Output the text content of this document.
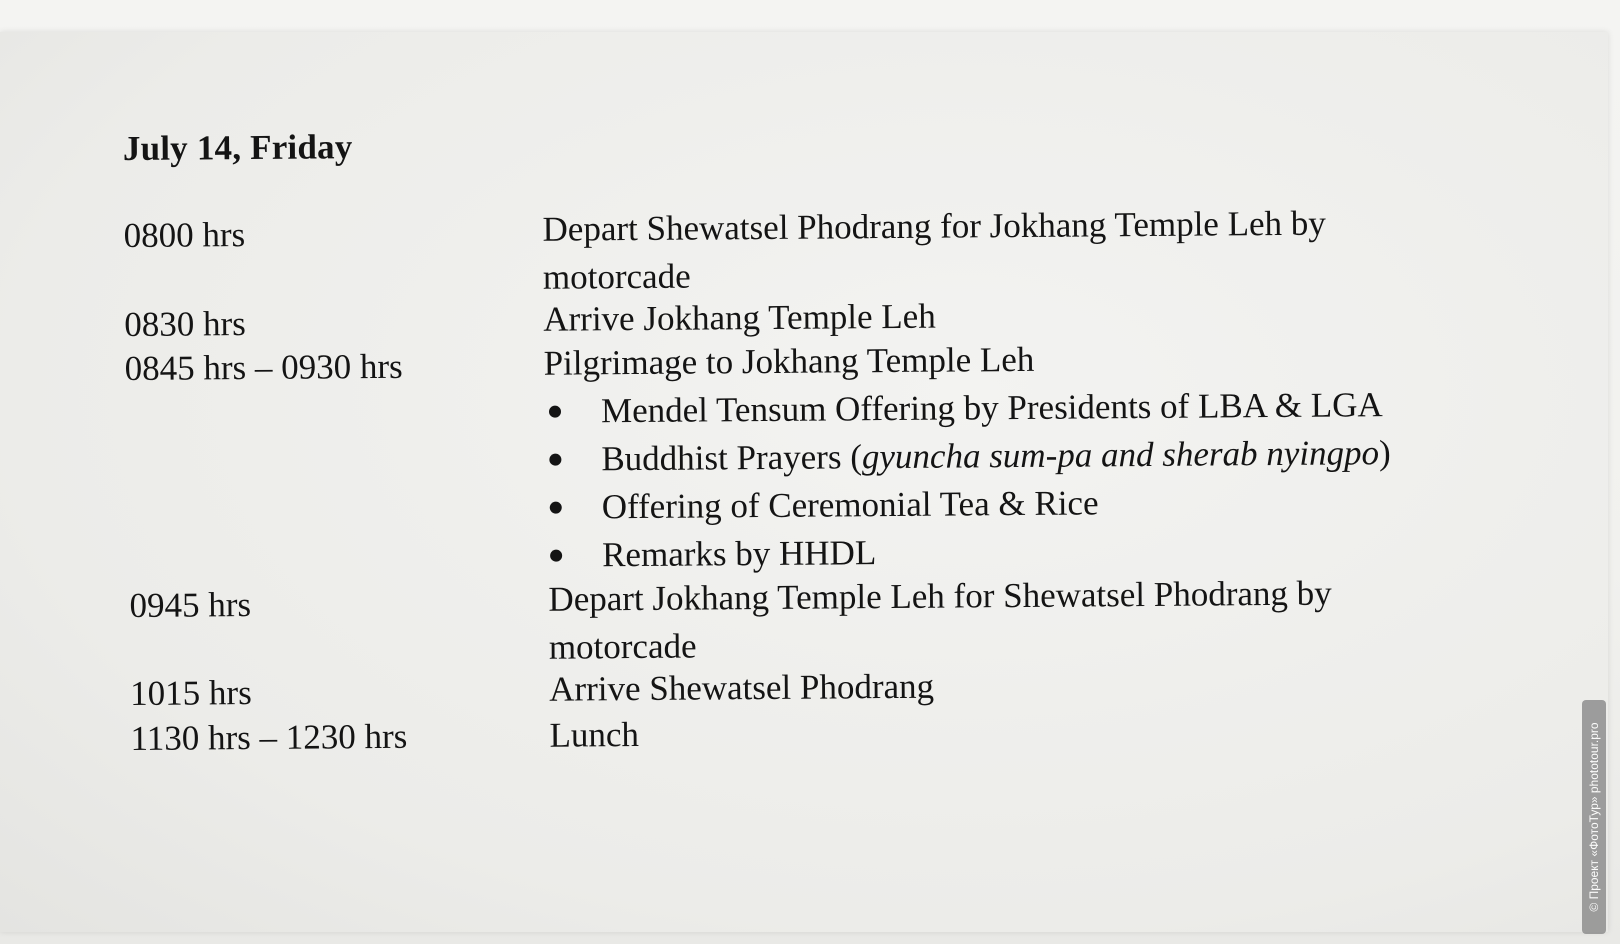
July 14, Friday
0800 hrs	Depart Shewatsel Phodrang for Jokhang Temple Leh by motorcade
0830 hrs	Arrive Jokhang Temple Leh
0845 hrs – 0930 hrs	Pilgrimage to Jokhang Temple Leh
Mendel Tensum Offering by Presidents of LBA & LGA
Buddhist Prayers (gyuncha sum-pa and sherab nyingpo)
Offering of Ceremonial Tea & Rice
Remarks by HHDL
0945 hrs	Depart Jokhang Temple Leh for Shewatsel Phodrang by motorcade
1015 hrs	Arrive Shewatsel Phodrang
1130 hrs – 1230 hrs	Lunch	© Проект «ФотоТур» phototour.pro
